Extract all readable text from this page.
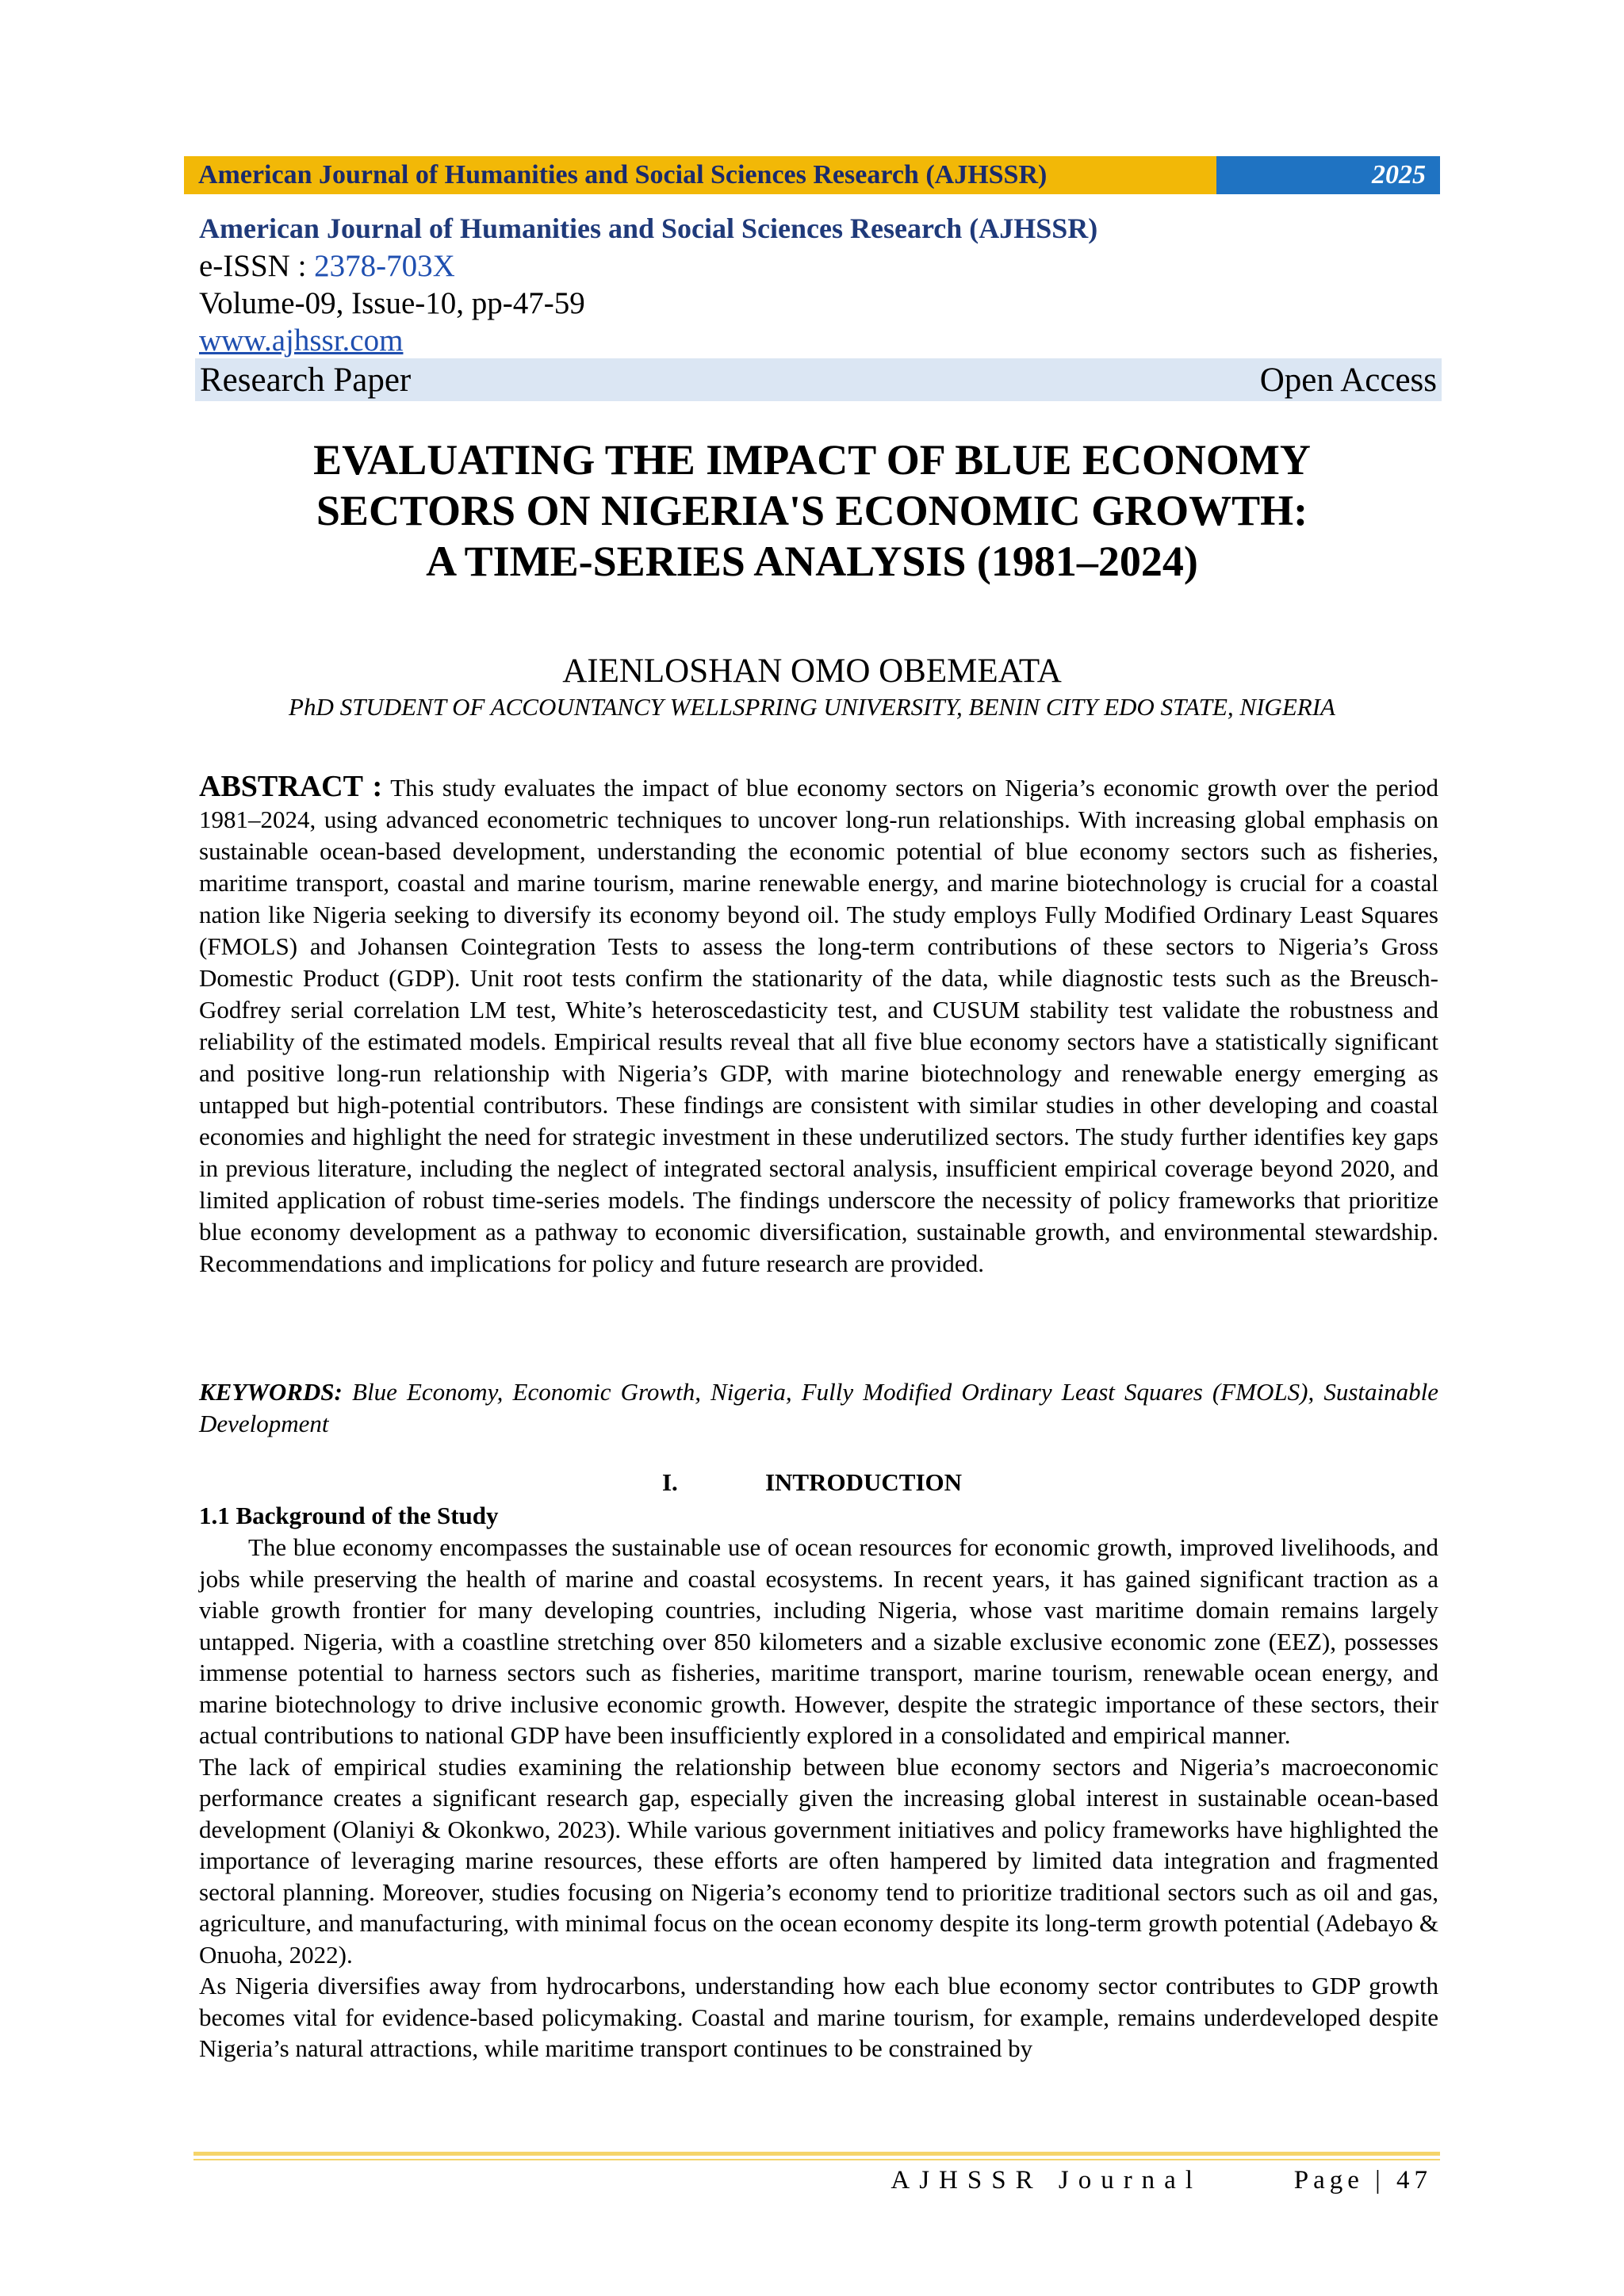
American Journal of Humanities and Social Sciences Research (AJHSSR)	2025
American Journal of Humanities and Social Sciences Research (AJHSSR)
e-ISSN : 2378-703X
Volume-09, Issue-10, pp-47-59
www.ajhssr.com
Research Paper	Open Access
EVALUATING THE IMPACT OF BLUE ECONOMY
SECTORS ON NIGERIA'S ECONOMIC GROWTH:
A TIME-SERIES ANALYSIS (1981–2024)
AIENLOSHAN OMO OBEMEATA
PhD STUDENT OF ACCOUNTANCY WELLSPRING UNIVERSITY, BENIN CITY EDO STATE, NIGERIA
ABSTRACT : This study evaluates the impact of blue economy sectors on Nigeria’s economic growth over the period 1981–2024, using advanced econometric techniques to uncover long-run relationships. With increasing global emphasis on sustainable ocean-based development, understanding the economic potential of blue economy sectors such as fisheries, maritime transport, coastal and marine tourism, marine renewable energy, and marine biotechnology is crucial for a coastal nation like Nigeria seeking to diversify its economy beyond oil. The study employs Fully Modified Ordinary Least Squares (FMOLS) and Johansen Cointegration Tests to assess the long-term contributions of these sectors to Nigeria’s Gross Domestic Product (GDP). Unit root tests confirm the stationarity of the data, while diagnostic tests such as the Breusch-Godfrey serial correlation LM test, White’s heteroscedasticity test, and CUSUM stability test validate the robustness and reliability of the estimated models. Empirical results reveal that all five blue economy sectors have a statistically significant and positive long-run relationship with Nigeria’s GDP, with marine biotechnology and renewable energy emerging as untapped but high-potential contributors. These findings are consistent with similar studies in other developing and coastal economies and highlight the need for strategic investment in these underutilized sectors. The study further identifies key gaps in previous literature, including the neglect of integrated sectoral analysis, insufficient empirical coverage beyond 2020, and limited application of robust time-series models. The findings underscore the necessity of policy frameworks that prioritize blue economy development as a pathway to economic diversification, sustainable growth, and environmental stewardship. Recommendations and implications for policy and future research are provided.
KEYWORDS: Blue Economy, Economic Growth, Nigeria, Fully Modified Ordinary Least Squares (FMOLS), Sustainable Development
I.	INTRODUCTION
1.1 Background of the Study

The blue economy encompasses the sustainable use of ocean resources for economic growth, improved livelihoods, and jobs while preserving the health of marine and coastal ecosystems. In recent years, it has gained significant traction as a viable growth frontier for many developing countries, including Nigeria, whose vast maritime domain remains largely untapped. Nigeria, with a coastline stretching over 850 kilometers and a sizable exclusive economic zone (EEZ), possesses immense potential to harness sectors such as fisheries, maritime transport, marine tourism, renewable ocean energy, and marine biotechnology to drive inclusive economic growth. However, despite the strategic importance of these sectors, their actual contributions to national GDP have been insufficiently explored in a consolidated and empirical manner.

The lack of empirical studies examining the relationship between blue economy sectors and Nigeria’s macroeconomic performance creates a significant research gap, especially given the increasing global interest in sustainable ocean-based development (Olaniyi & Okonkwo, 2023). While various government initiatives and policy frameworks have highlighted the importance of leveraging marine resources, these efforts are often hampered by limited data integration and fragmented sectoral planning. Moreover, studies focusing on Nigeria’s economy tend to prioritize traditional sectors such as oil and gas, agriculture, and manufacturing, with minimal focus on the ocean economy despite its long-term growth potential (Adebayo & Onuoha, 2022).

As Nigeria diversifies away from hydrocarbons, understanding how each blue economy sector contributes to GDP growth becomes vital for evidence-based policymaking. Coastal and marine tourism, for example, remains underdeveloped despite Nigeria’s natural attractions, while maritime transport continues to be constrained by

AJHSSR Journal	Page | 47
